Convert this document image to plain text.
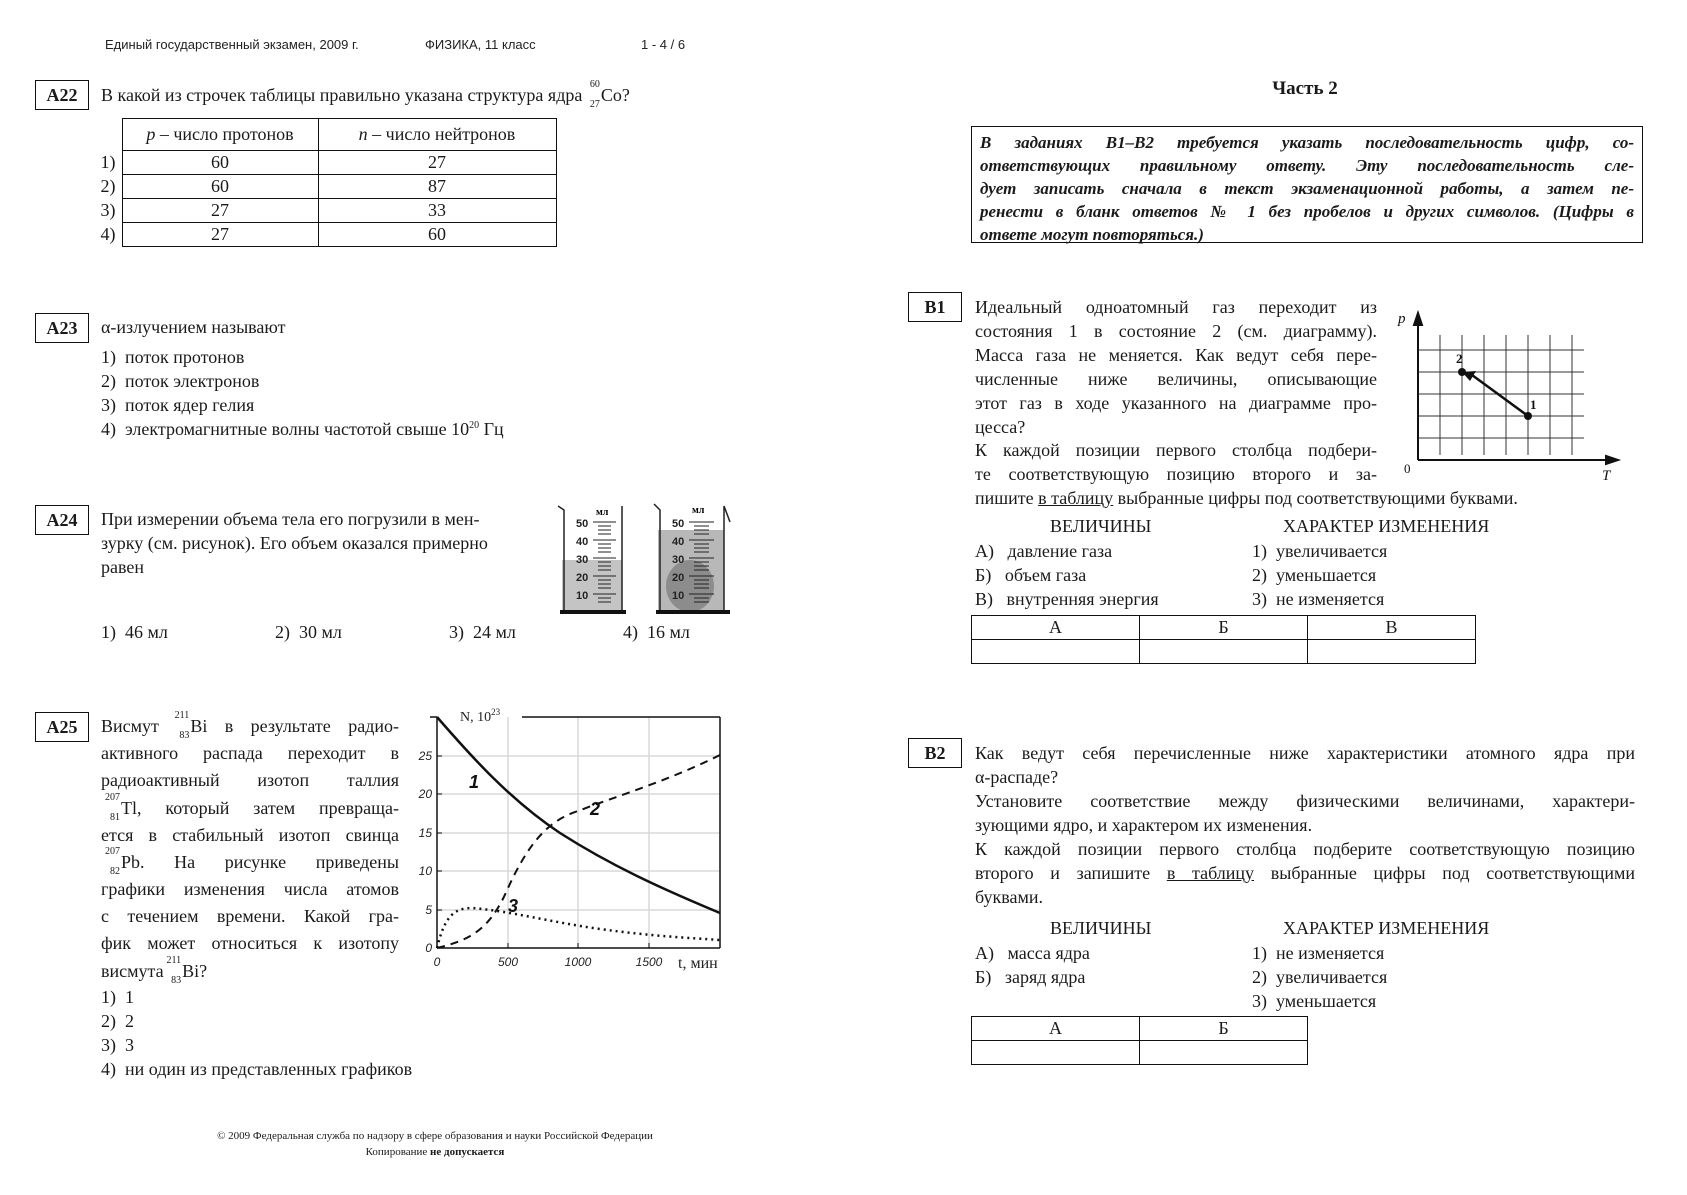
Единый государственный экзамен, 2009 г.	ФИЗИКА, 11 класс	1 - 4 / 6
A22	В какой из строчек таблицы правильно указана структура ядра
60
27 Co?
	p – число протонов	n – число нейтронов
1)	60	27
2)	60	87
3)	27	33
4)	27	60
A23	α-излучением называют
1) поток протонов
2) поток электронов
3) поток ядер гелия
4) электромагнитные волны частотой свыше $10^{20}$ Гц
A24	При измерении объема тела его погрузили в мен-
зурку (см. рисунок). Его объем оказался примерно
равен
мл
50
40
30
20
10
мл
50
40
30
20
10
1) 46 мл	2) 30 мл	3) 24 мл	4) 16 мл
A25	Висмут
211
83 Bi в результате радио-
активного распада переходит в
радиоактивный изотоп таллия
207
81 Tl, который затем превраща-
ется в стабильный изотоп свинца
207
82 Pb. На рисунке приведены
графики изменения числа атомов
с течением времени. Какой гра-
фик может относиться к изотопу
висмута
211
83 Bi?
0
5
10
15
20
25
0	500	1000	1500
N, $10^{23}$
t, мин
1
2
3
1) 1
2) 2
3) 3
4) ни один из представленных графиков
© 2009 Федеральная служба по надзору в сфере образования и науки Российской Федерации
Копирование не допускается
Часть 2
В заданиях В1–В2 требуется указать последовательность цифр, со-
ответствующих правильному ответу. Эту последовательность сле-
дует записать сначала в текст экзаменационной работы, а затем пе-
ренести в бланк ответов № 1 без пробелов и других символов. (Цифры в
ответе могут повторяться.)
B1	Идеальный одноатомный газ переходит из
состояния 1 в состояние 2 (см. диаграмму).
Масса газа не меняется. Как ведут себя пере-
численные ниже величины, описывающие
этот газ в ходе указанного на диаграмме про-
цесса?
К каждой позиции первого столбца подбери-
те соответствующую позицию второго и за-
пишите в таблицу выбранные цифры под соответствующими буквами.
p
T
0
1
2
ВЕЛИЧИНЫ	ХАРАКТЕР ИЗМЕНЕНИЯ
А) давление газа
Б) объем газа
В) внутренняя энергия
1) увеличивается
2) уменьшается
3) не изменяется
А	Б	В

B2	Как ведут себя перечисленные ниже характеристики атомного ядра при
α-распаде?
Установите соответствие между физическими величинами, характери-
зующими ядро, и характером их изменения.
К каждой позиции первого столбца подберите соответствующую позицию
второго и запишите в таблицу выбранные цифры под соответствующими
буквами.
ВЕЛИЧИНЫ	ХАРАКТЕР ИЗМЕНЕНИЯ
А) масса ядра
Б) заряд ядра
1) не изменяется
2) увеличивается
3) уменьшается
А	Б
